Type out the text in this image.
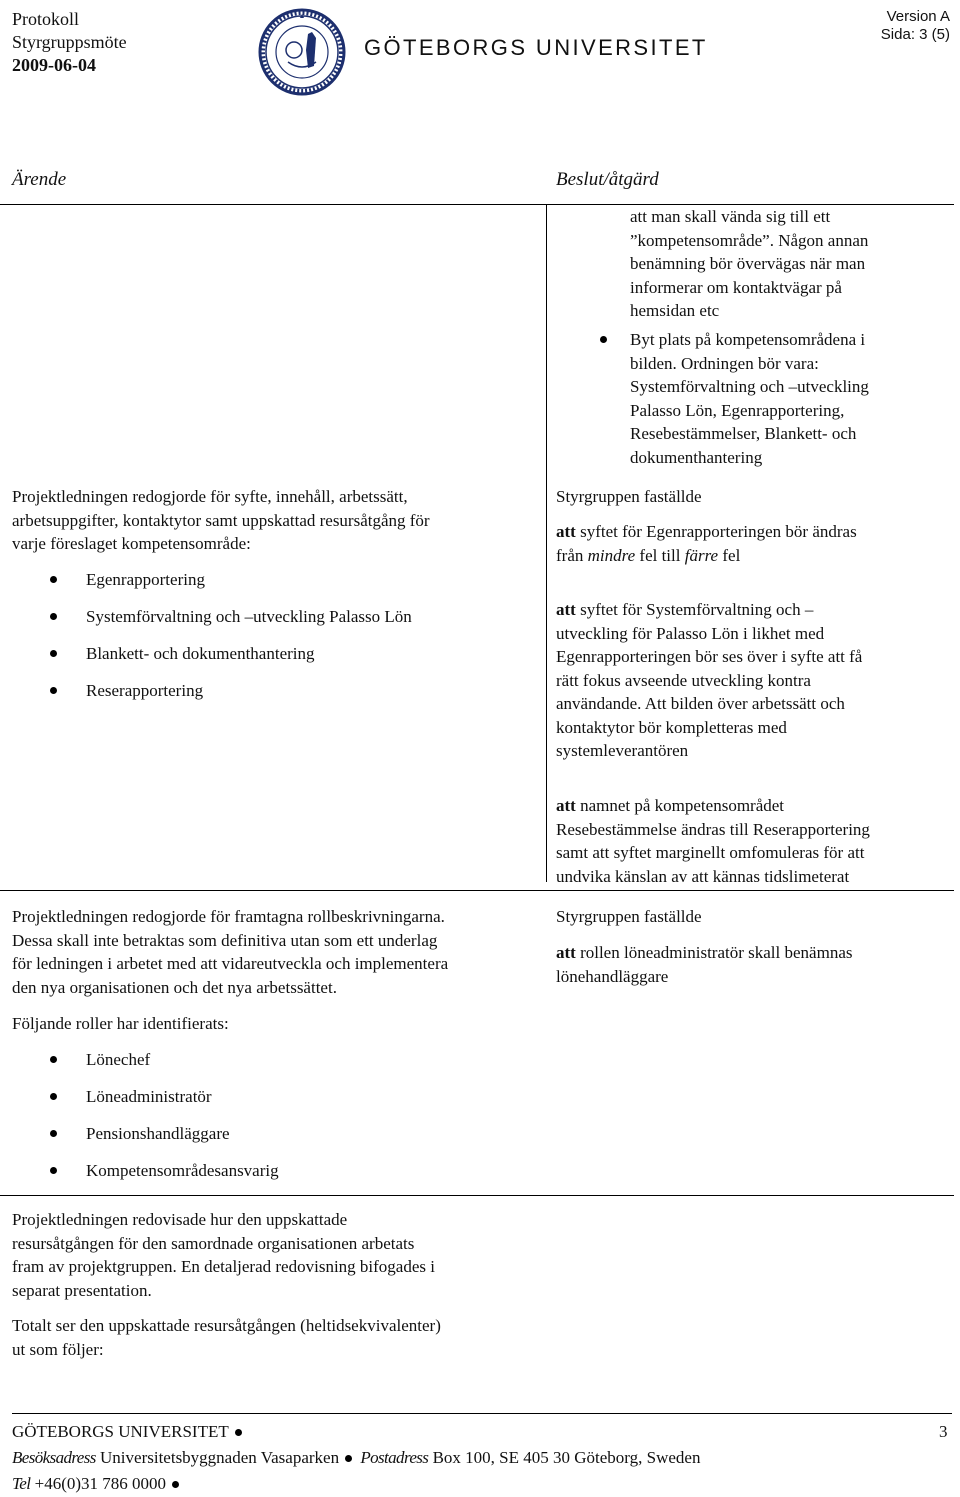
Protokoll
Styrgruppsmöte
2009-06-04
GÖTEBORGS UNIVERSITET
Version A
Sida: 3 (5)
Ärende	Beslut/åtgärd

att man skall vända sig till ett

”kompetensområde”. Någon annan

benämning bör övervägas när man

informerar om kontaktvägar på

hemsidan etc

Byt plats på kompetensområdena i

bilden. Ordningen bör vara:

Systemförvaltning och –utveckling

Palasso Lön, Egenrapportering,

Resebestämmelser, Blankett- och

dokumenthantering

Projektledningen redogjorde för syfte, innehåll, arbetssätt,

arbetsuppgifter, kontaktytor samt uppskattad resursåtgång för

varje föreslaget kompetensområde:

Egenrapportering
Systemförvaltning och –utveckling Palasso Lön
Blankett- och dokumenthantering
Reserapportering
Styrgruppen faställde

att syftet för Egenrapporteringen bör ändras

från mindre fel till färre fel

att syftet för Systemförvaltning och –

utveckling för Palasso Lön i likhet med

Egenrapporteringen bör ses över i syfte att få

rätt fokus avseende utveckling kontra

användande. Att bilden över arbetssätt och

kontaktytor bör kompletteras med

systemleverantören

att namnet på kompetensområdet

Resebestämmelse ändras till Reserapportering

samt att syftet marginellt omfomuleras för att

undvika känslan av att kännas tidslimeterat

Projektledningen redogjorde för framtagna rollbeskrivningarna.

Dessa skall inte betraktas som definitiva utan som ett underlag

för ledningen i arbetet med att vidareutveckla och implementera

den nya organisationen och det nya arbetssättet.

Följande roller har identifierats:
Lönechef
Löneadministratör
Pensionshandläggare
Kompetensområdesansvarig
Styrgruppen faställde

att rollen löneadministratör skall benämnas

lönehandläggare

Projektledningen redovisade hur den uppskattade

resursåtgången för den samordnade organisationen arbetats

fram av projektgruppen. En detaljerad redovisning bifogades i

separat presentation.

Totalt ser den uppskattade resursåtgången (heltidsekvivalenter)

ut som följer:

GÖTEBORGS UNIVERSITET	3
Besöksadress Universitetsbyggnaden Vasaparken Postadress Box 100, SE 405 30 Göteborg, Sweden
Tel +46(0)31 786 0000
